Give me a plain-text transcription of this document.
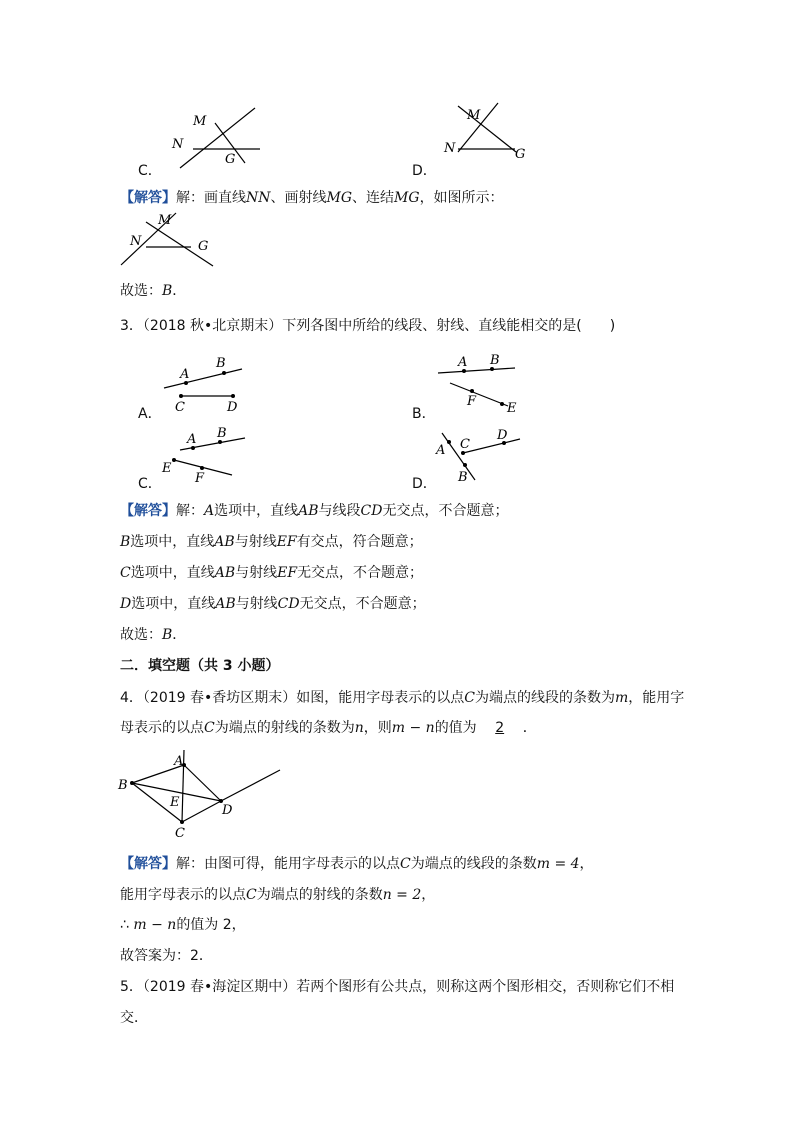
C．
M
N
G
D．
M
N	G
【解答】解：画直线NN、画射线MG、连结MG，如图所示：
M
N	G
故选：B．
3．（2018 秋•北京期末）下列各图中所给的线段、射线、直线能相交的是(　　)
A．
A
B
C	D	B．
A B
F E
C．
A B
E
F	D．
A
B
C
D
【解答】解：A选项中，直线AB与线段CD无交点，不合题意；
B选项中，直线AB与射线EF有交点，符合题意；
C选项中，直线AB与射线EF无交点，不合题意；
D选项中，直线AB与射线CD无交点，不合题意；
故选：B．
二．填空题（共 3 小题）
4．（2019 春•香坊区期末）如图，能用字母表示的以点C为端点的线段的条数为m，能用字
母表示的以点C为端点的射线的条数为n，则m − n的值为 2 ．
A
B
C
D
E
【解答】解：由图可得，能用字母表示的以点C为端点的线段的条数m = 4，
能用字母表示的以点C为端点的射线的条数n = 2，
∴ m − n的值为 2，
故答案为：2．
5．（2019 春•海淀区期中）若两个图形有公共点，则称这两个图形相交，否则称它们不相
交．
